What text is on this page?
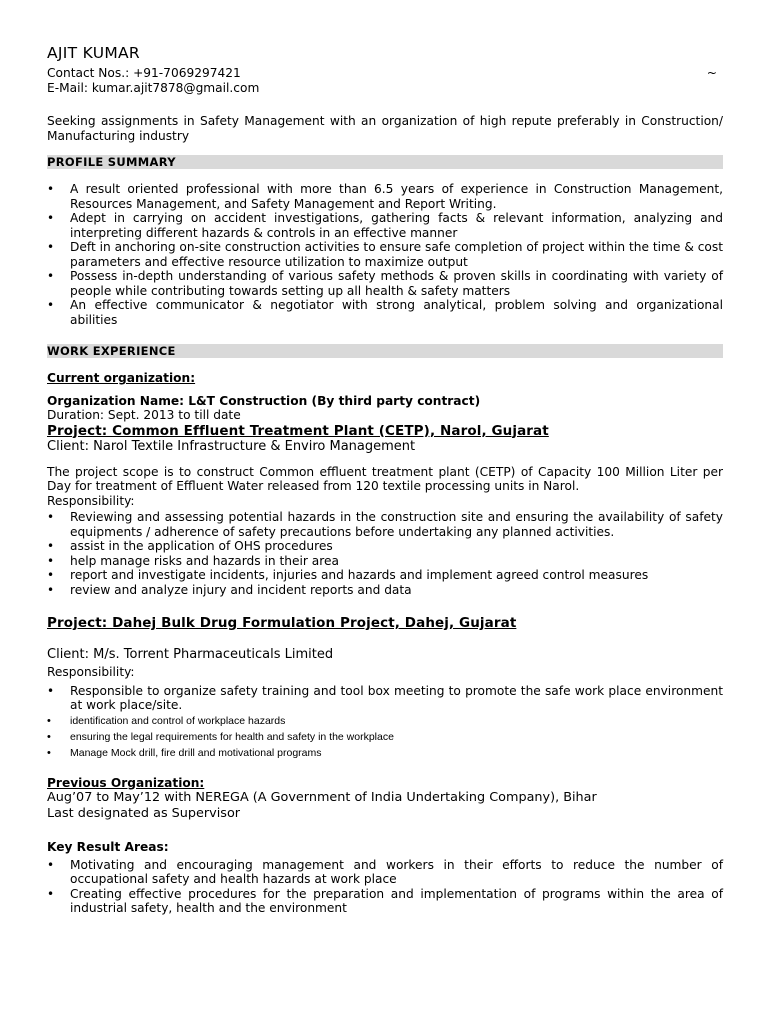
AJIT KUMAR
Contact Nos.: +91-7069297421	~
E-Mail: kumar.ajit7878@gmail.com
Seeking assignments in Safety Management with an organization of high repute preferably in Construction/ Manufacturing industry
PROFILE SUMMARY
• A result oriented professional with more than 6.5 years of experience in Construction Management, Resources Management, and Safety Management and Report Writing.
• Adept in carrying on accident investigations, gathering facts & relevant information, analyzing and interpreting different hazards & controls in an effective manner
• Deft in anchoring on-site construction activities to ensure safe completion of project within the time & cost parameters and effective resource utilization to maximize output
• Possess in-depth understanding of various safety methods & proven skills in coordinating with variety of people while contributing towards setting up all health & safety matters
• An effective communicator & negotiator with strong analytical, problem solving and organizational abilities
WORK EXPERIENCE
Current organization:
Organization Name: L&T Construction (By third party contract)
Duration: Sept. 2013 to till date
Project: Common Effluent Treatment Plant (CETP), Narol, Gujarat
Client: Narol Textile Infrastructure & Enviro Management
The project scope is to construct Common effluent treatment plant (CETP) of Capacity 100 Million Liter per Day for treatment of Effluent Water released from 120 textile processing units in Narol.
Responsibility:
• Reviewing and assessing potential hazards in the construction site and ensuring the availability of safety equipments / adherence of safety precautions before undertaking any planned activities.
• assist in the application of OHS procedures
• help manage risks and hazards in their area
• report and investigate incidents, injuries and hazards and implement agreed control measures
• review and analyze injury and incident reports and data
Project: Dahej Bulk Drug Formulation Project, Dahej, Gujarat
Client: M/s. Torrent Pharmaceuticals Limited
Responsibility:
• Responsible to organize safety training and tool box meeting to promote the safe work place environment at work place/site.
• identification and control of workplace hazards
• ensuring the legal requirements for health and safety in the workplace
• Manage Mock drill, fire drill and motivational programs
Previous Organization:
Aug’07 to May’12 with NEREGA (A Government of India Undertaking Company), Bihar
Last designated as Supervisor
Key Result Areas:
• Motivating and encouraging management and workers in their efforts to reduce the number of occupational safety and health hazards at work place
• Creating effective procedures for the preparation and implementation of programs within the area of industrial safety, health and the environment
